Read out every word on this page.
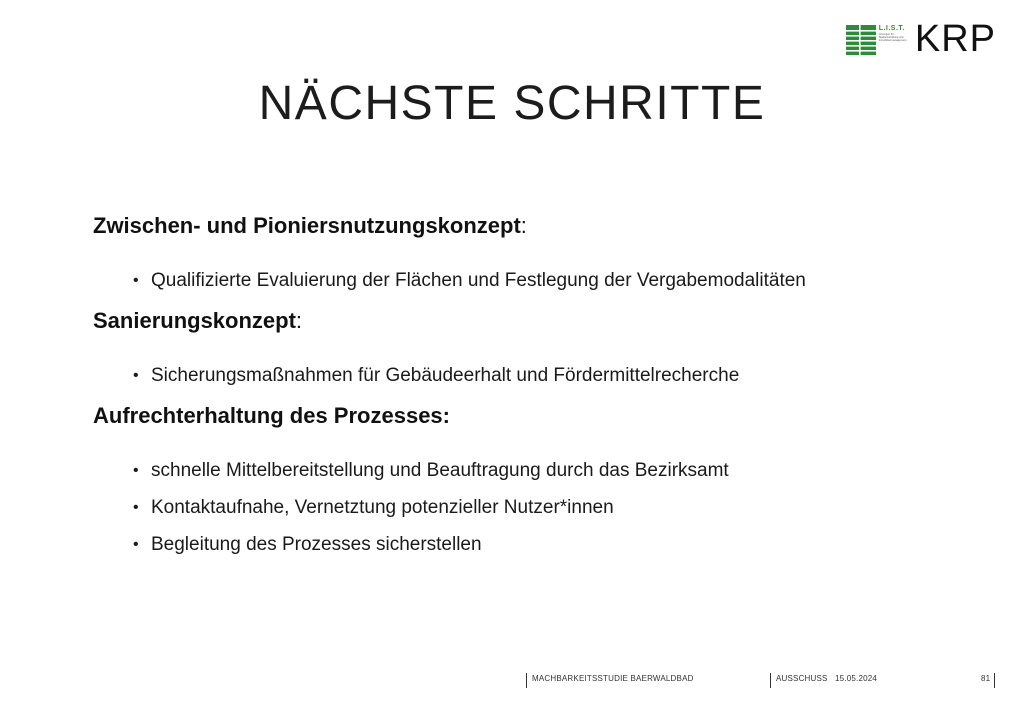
L.I.S.T.
Lösungen für Stadtentwicklung und Immobilienmanagement KRP
NÄCHSTE SCHRITTE
Zwischen- und Pioniersnutzungskonzept:
• Qualifizierte Evaluierung der Flächen und Festlegung der Vergabemodalitäten
Sanierungskonzept:
• Sicherungsmaßnahmen für Gebäudeerhalt und Fördermittelrecherche
Aufrechterhaltung des Prozesses:
• schnelle Mittelbereitstellung und Beauftragung durch das Bezirksamt
• Kontaktaufnahe, Vernetztung potenzieller Nutzer*innen
• Begleitung des Prozesses sicherstellen
MACHBARKEITSSTUDIE BAERWALDBAD	AUSSCHUSS 15.05.2024	81
